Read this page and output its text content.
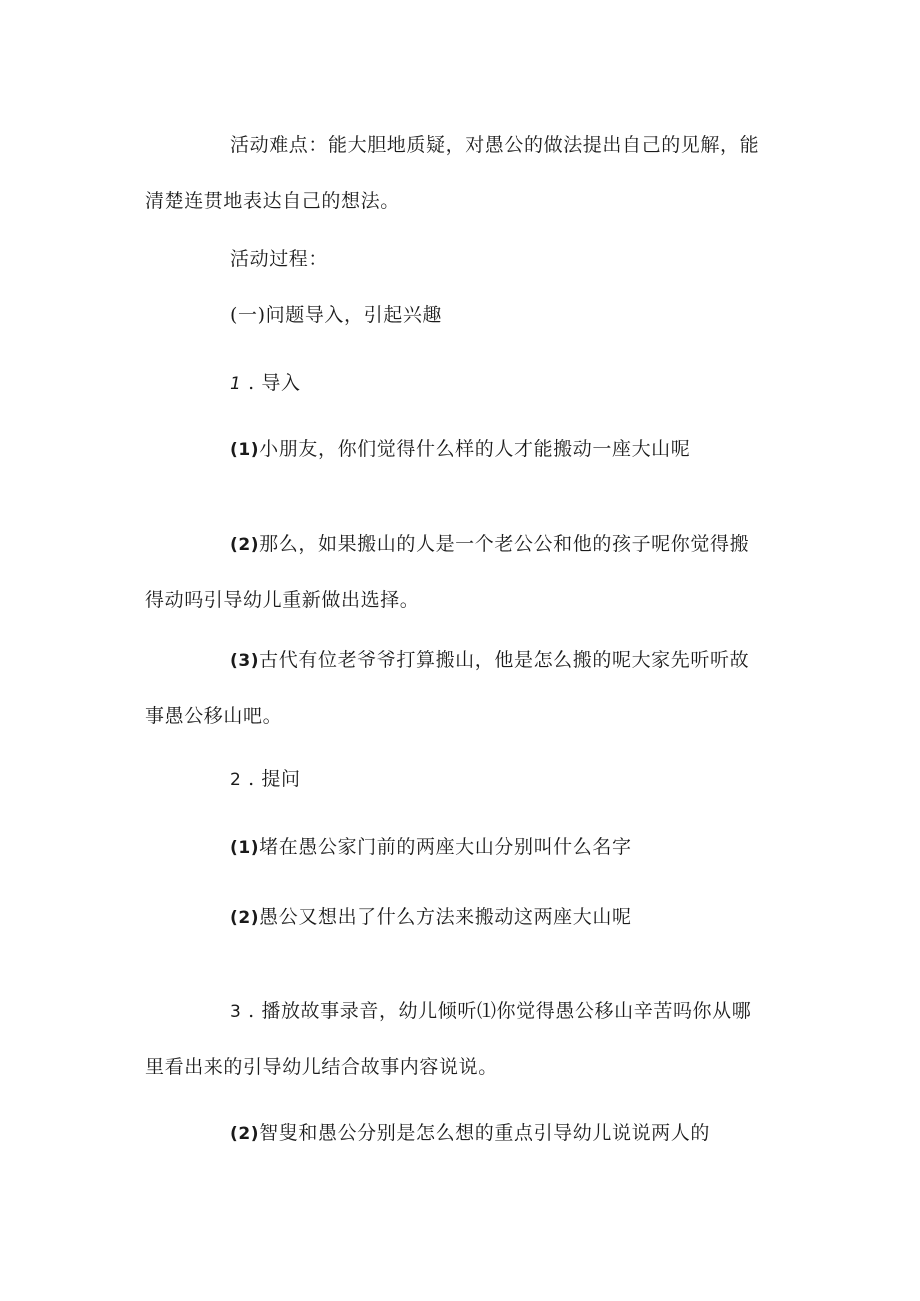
活动难点：能大胆地质疑，对愚公的做法提出自己的见解，能

清楚连贯地表达自己的想法。

活动过程：

(一)问题导入，引起兴趣

1 . 导入

(1)小朋友，你们觉得什么样的人才能搬动一座大山呢

(2)那么，如果搬山的人是一个老公公和他的孩子呢你觉得搬

得动吗引导幼儿重新做出选择。

(3)古代有位老爷爷打算搬山，他是怎么搬的呢大家先听听故

事愚公移山吧。

2 . 提问

(1)堵在愚公家门前的两座大山分别叫什么名字

(2)愚公又想出了什么方法来搬动这两座大山呢

3 . 播放故事录音，幼儿倾听⑴你觉得愚公移山辛苦吗你从哪

里看出来的引导幼儿结合故事内容说说。

(2)智叟和愚公分别是怎么想的重点引导幼儿说说两人的
